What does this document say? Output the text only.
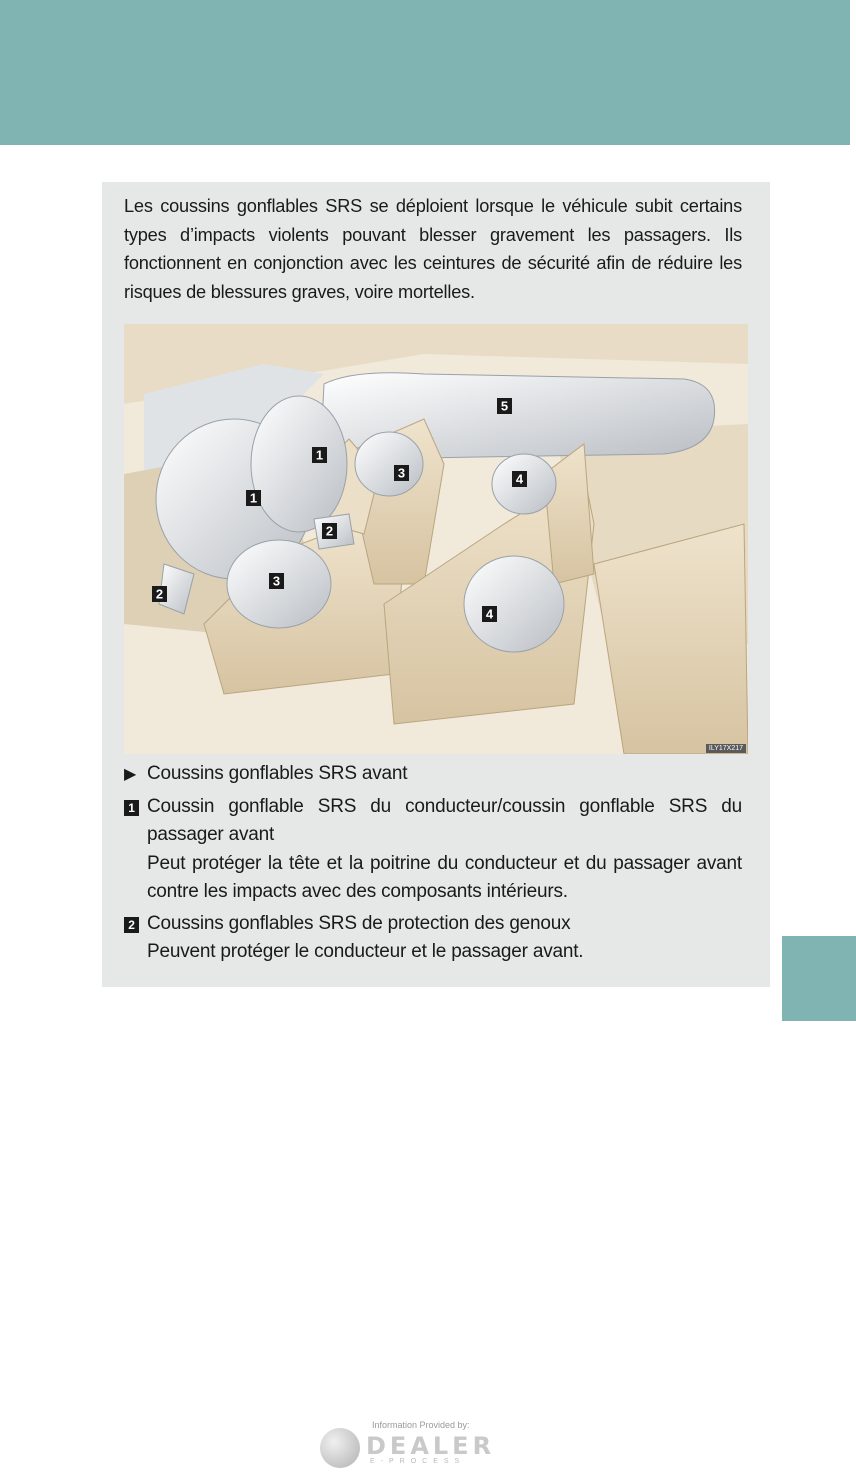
Les coussins gonflables SRS se déploient lorsque le véhicule subit certains types d’impacts violents pouvant blesser gravement les passagers. Ils fonctionnent en conjonction avec les ceintures de sécurité afin de réduire les risques de blessures graves, voire mortelles.

1
1
2
2
3
3	4
4
5
ILY17X217
▶ Coussins gonflables SRS avant
1 Coussin gonflable SRS du conducteur/coussin gonflable SRS du passager avant
Peut protéger la tête et la poitrine du conducteur et du passager avant contre les impacts avec des composants intérieurs.
2 Coussins gonflables SRS de protection des genoux
Peuvent protéger le conducteur et le passager avant.
Information Provided by:
DEALER
E-PROCESS
